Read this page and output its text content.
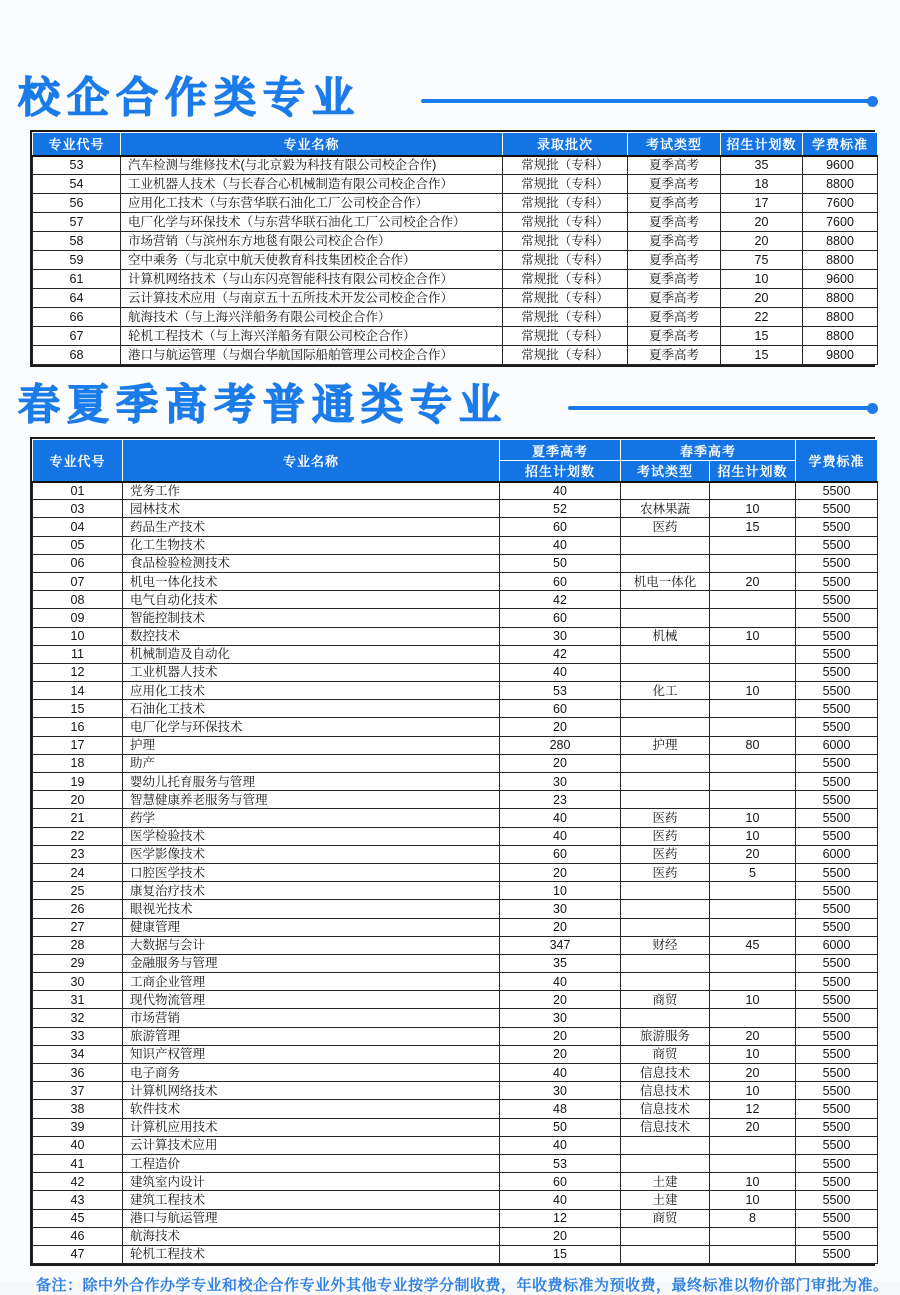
校企合作类专业
专业代号	专业名称	录取批次	考试类型	招生计划数	学费标准
53	汽车检测与维修技术(与北京毅为科技有限公司校企合作)	常规批（专科）	夏季高考	35	9600
54	工业机器人技术（与长春合心机械制造有限公司校企合作）	常规批（专科）	夏季高考	18	8800
56	应用化工技术（与东营华联石油化工厂公司校企合作）	常规批（专科）	夏季高考	17	7600
57	电厂化学与环保技术（与东营华联石油化工厂公司校企合作）	常规批（专科）	夏季高考	20	7600
58	市场营销（与滨州东方地毯有限公司校企合作）	常规批（专科）	夏季高考	20	8800
59	空中乘务（与北京中航天使教育科技集团校企合作）	常规批（专科）	夏季高考	75	8800
61	计算机网络技术（与山东闪亮智能科技有限公司校企合作）	常规批（专科）	夏季高考	10	9600
64	云计算技术应用（与南京五十五所技术开发公司校企合作）	常规批（专科）	夏季高考	20	8800
66	航海技术（与上海兴洋船务有限公司校企合作）	常规批（专科）	夏季高考	22	8800
67	轮机工程技术（与上海兴洋船务有限公司校企合作）	常规批（专科）	夏季高考	15	8800
68	港口与航运管理（与烟台华航国际船舶管理公司校企合作）	常规批（专科）	夏季高考	15	9800
春夏季高考普通类专业
专业代号	专业名称	夏季高考	春季高考		学费标准
		招生计划数	考试类型	招生计划数	
01	党务工作	40			5500
03	园林技术	52	农林果蔬	10	5500
04	药品生产技术	60	医药	15	5500
05	化工生物技术	40			5500
06	食品检验检测技术	50			5500
07	机电一体化技术	60	机电一体化	20	5500
08	电气自动化技术	42			5500
09	智能控制技术	60			5500
10	数控技术	30	机械	10	5500
11	机械制造及自动化	42			5500
12	工业机器人技术	40			5500
14	应用化工技术	53	化工	10	5500
15	石油化工技术	60			5500
16	电厂化学与环保技术	20			5500
17	护理	280	护理	80	6000
18	助产	20			5500
19	婴幼儿托育服务与管理	30			5500
20	智慧健康养老服务与管理	23			5500
21	药学	40	医药	10	5500
22	医学检验技术	40	医药	10	5500
23	医学影像技术	60	医药	20	6000
24	口腔医学技术	20	医药	5	5500
25	康复治疗技术	10			5500
26	眼视光技术	30			5500
27	健康管理	20			5500
28	大数据与会计	347	财经	45	6000
29	金融服务与管理	35			5500
30	工商企业管理	40			5500
31	现代物流管理	20	商贸	10	5500
32	市场营销	30			5500
33	旅游管理	20	旅游服务	20	5500
34	知识产权管理	20	商贸	10	5500
36	电子商务	40	信息技术	20	5500
37	计算机网络技术	30	信息技术	10	5500
38	软件技术	48	信息技术	12	5500
39	计算机应用技术	50	信息技术	20	5500
40	云计算技术应用	40			5500
41	工程造价	53			5500
42	建筑室内设计	60	土建	10	5500
43	建筑工程技术	40	土建	10	5500
45	港口与航运管理	12	商贸	8	5500
46	航海技术	20			5500
47	轮机工程技术	15			5500

备注：除中外合作办学专业和校企合作专业外其他专业按学分制收费，年收费标准为预收费，最终标准以物价部门审批为准。
